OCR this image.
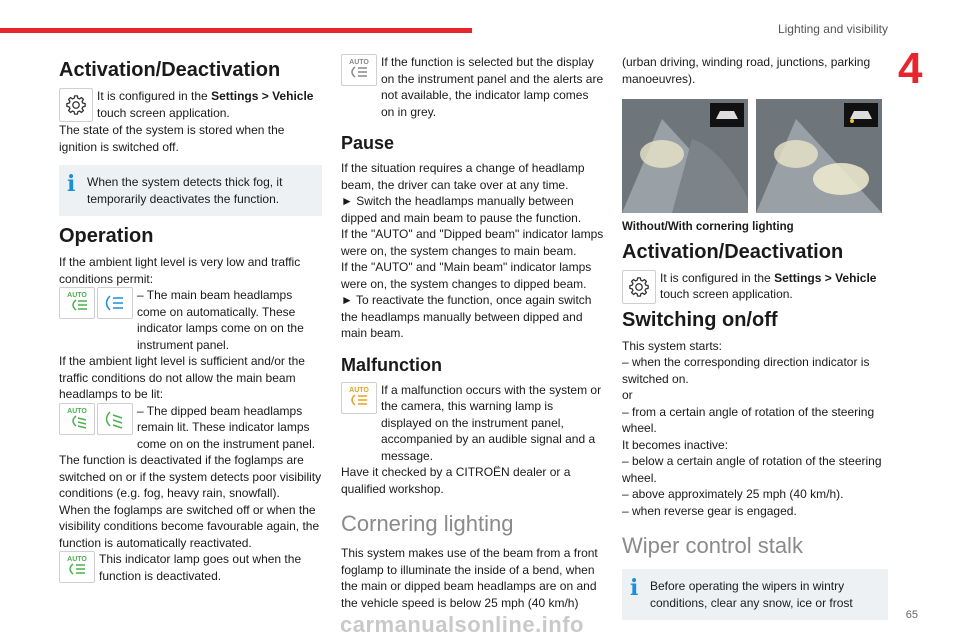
Lighting and visibility
4
Activation/Deactivation

It is configured in the Settings > Vehicle touch screen application.

The state of the system is stored when the ignition is switched off.

i When the system detects thick fog, it temporarily deactivates the function.

Operation

If the ambient light level is very low and traffic conditions permit:

AUTO	– The main beam headlamps come on automatically. These indicator lamps come on on the instrument panel.

If the ambient light level is sufficient and/or the traffic conditions do not allow the main beam headlamps to be lit:

AUTO	– The dipped beam headlamps remain lit. These indicator lamps come on on the instrument panel.

The function is deactivated if the foglamps are switched on or if the system detects poor visibility conditions (e.g. fog, heavy rain, snowfall).

When the foglamps are switched off or when the visibility conditions become favourable again, the function is automatically reactivated.

AUTO This indicator lamp goes out when the function is deactivated.

AUTO If the function is selected but the display on the instrument panel and the alerts are not available, the indicator lamp comes on in grey.

Pause

If the situation requires a change of headlamp beam, the driver can take over at any time.

► Switch the headlamps manually between dipped and main beam to pause the function.

If the "AUTO" and "Dipped beam" indicator lamps were on, the system changes to main beam.

If the "AUTO" and "Main beam" indicator lamps were on, the system changes to dipped beam.

► To reactivate the function, once again switch the headlamps manually between dipped and main beam.

Malfunction
AUTO If a malfunction occurs with the system or the camera, this warning lamp is displayed on the instrument panel, accompanied by an audible signal and a message.

Have it checked by a CITROËN dealer or a qualified workshop.

Cornering lighting

This system makes use of the beam from a front foglamp to illuminate the inside of a bend, when the main or dipped beam headlamps are on and the vehicle speed is below 25 mph (40 km/h)

(urban driving, winding road, junctions, parking manoeuvres).

Without/With cornering lighting

Activation/Deactivation

It is configured in the Settings > Vehicle touch screen application.

Switching on/off

This system starts:

– when the corresponding direction indicator is switched on.

or

– from a certain angle of rotation of the steering wheel.

It becomes inactive:

– below a certain angle of rotation of the steering wheel.

– above approximately 25 mph (40 km/h).

– when reverse gear is engaged.

Wiper control stalk
i Before operating the wipers in wintry conditions, clear any snow, ice or frost

carmanualsonline.info	65
